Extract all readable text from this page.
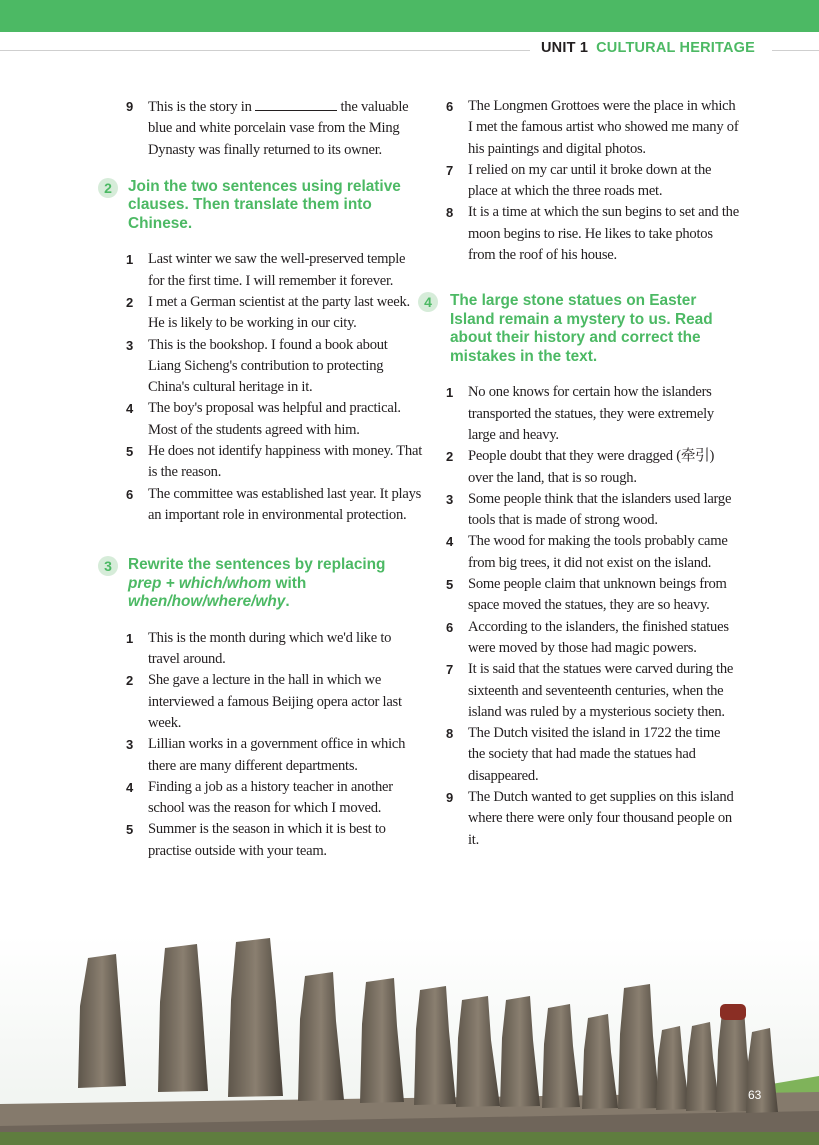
UNIT 1 CULTURAL HERITAGE
9 This is the story in	the valuable blue and white porcelain vase from the Ming Dynasty was finally returned to its owner.
2	Join the two sentences using relative clauses. Then translate them into Chinese.
1 Last winter we saw the well-preserved temple for the first time. I will remember it forever.
2 I met a German scientist at the party last week. He is likely to be working in our city.
3 This is the bookshop. I found a book about Liang Sicheng's contribution to protecting China's cultural heritage in it.
4 The boy's proposal was helpful and practical. Most of the students agreed with him.
5 He does not identify happiness with money. That is the reason.
6 The committee was established last year. It plays an important role in environmental protection.
3	Rewrite the sentences by replacing prep + which/whom with when/how/where/why.
1 This is the month during which we'd like to travel around.
2 She gave a lecture in the hall in which we interviewed a famous Beijing opera actor last week.
3 Lillian works in a government office in which there are many different departments.
4 Finding a job as a history teacher in another school was the reason for which I moved.
5 Summer is the season in which it is best to practise outside with your team.
6 The Longmen Grottoes were the place in which I met the famous artist who showed me many of his paintings and digital photos.
7 I relied on my car until it broke down at the place at which the three roads met.
8 It is a time at which the sun begins to set and the moon begins to rise. He likes to take photos from the roof of his house.
4	The large stone statues on Easter Island remain a mystery to us. Read about their history and correct the mistakes in the text.
1 No one knows for certain how the islanders transported the statues, they were extremely large and heavy.
2 People doubt that they were dragged (牵引) over the land, that is so rough.
3 Some people think that the islanders used large tools that is made of strong wood.
4 The wood for making the tools probably came from big trees, it did not exist on the island.
5 Some people claim that unknown beings from space moved the statues, they are so heavy.
6 According to the islanders, the finished statues were moved by those had magic powers.
7 It is said that the statues were carved during the sixteenth and seventeenth centuries, when the island was ruled by a mysterious society then.
8 The Dutch visited the island in 1722 the time the society that had made the statues had disappeared.
9 The Dutch wanted to get supplies on this island where there were only four thousand people on it.
63
